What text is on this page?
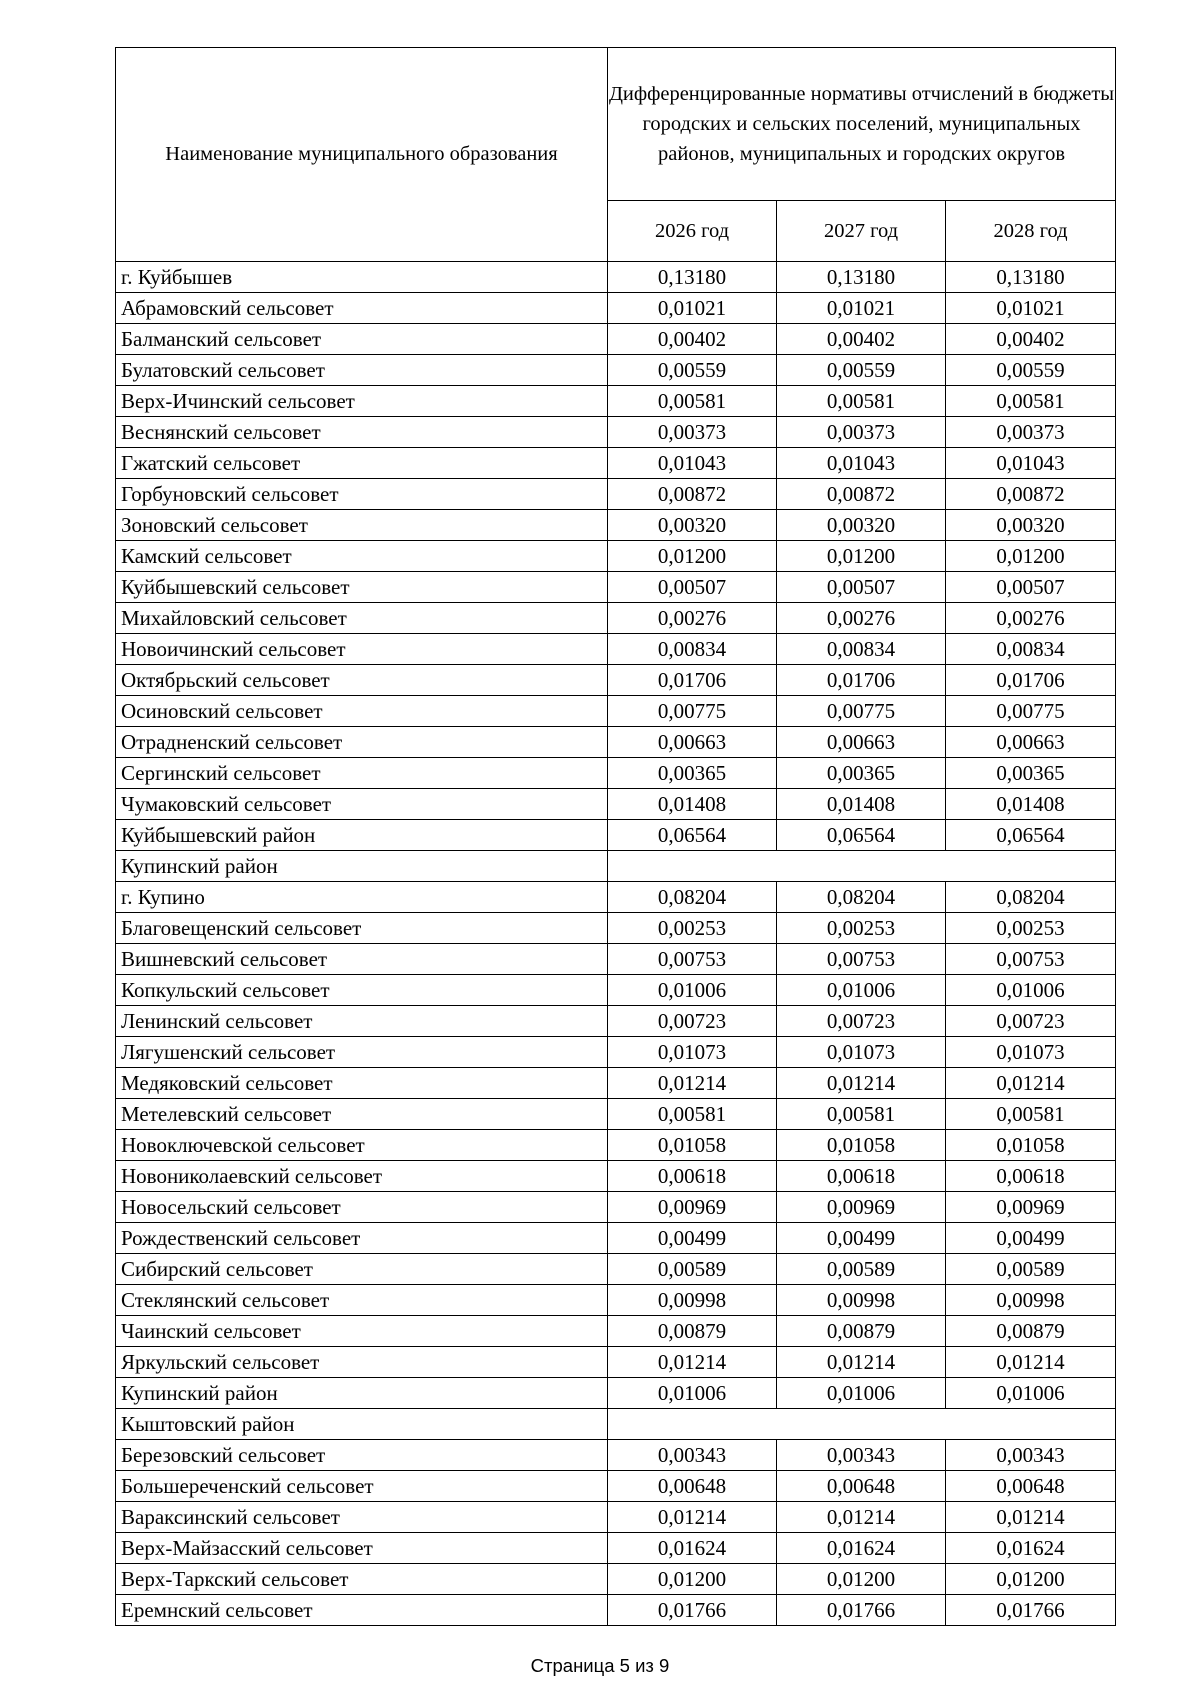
Наименование муниципального образования	Дифференцированные нормативы отчислений в бюджеты городских и сельских поселений, муниципальных районов, муниципальных и городских округов		
	2026 год	2027 год	2028 год
г. Куйбышев	0,13180	0,13180	0,13180
Абрамовский сельсовет	0,01021	0,01021	0,01021
Балманский сельсовет	0,00402	0,00402	0,00402
Булатовский сельсовет	0,00559	0,00559	0,00559
Верх-Ичинский сельсовет	0,00581	0,00581	0,00581
Веснянский сельсовет	0,00373	0,00373	0,00373
Гжатский сельсовет	0,01043	0,01043	0,01043
Горбуновский сельсовет	0,00872	0,00872	0,00872
Зоновский сельсовет	0,00320	0,00320	0,00320
Камский сельсовет	0,01200	0,01200	0,01200
Куйбышевский сельсовет	0,00507	0,00507	0,00507
Михайловский сельсовет	0,00276	0,00276	0,00276
Новоичинский сельсовет	0,00834	0,00834	0,00834
Октябрьский сельсовет	0,01706	0,01706	0,01706
Осиновский сельсовет	0,00775	0,00775	0,00775
Отрадненский сельсовет	0,00663	0,00663	0,00663
Сергинский сельсовет	0,00365	0,00365	0,00365
Чумаковский сельсовет	0,01408	0,01408	0,01408
Куйбышевский район	0,06564	0,06564	0,06564
Купинский район			
г. Купино	0,08204	0,08204	0,08204
Благовещенский сельсовет	0,00253	0,00253	0,00253
Вишневский сельсовет	0,00753	0,00753	0,00753
Копкульский сельсовет	0,01006	0,01006	0,01006
Ленинский сельсовет	0,00723	0,00723	0,00723
Лягушенский сельсовет	0,01073	0,01073	0,01073
Медяковский сельсовет	0,01214	0,01214	0,01214
Метелевский сельсовет	0,00581	0,00581	0,00581
Новоключевской сельсовет	0,01058	0,01058	0,01058
Новониколаевский сельсовет	0,00618	0,00618	0,00618
Новосельский сельсовет	0,00969	0,00969	0,00969
Рождественский сельсовет	0,00499	0,00499	0,00499
Сибирский сельсовет	0,00589	0,00589	0,00589
Стеклянский сельсовет	0,00998	0,00998	0,00998
Чаинский сельсовет	0,00879	0,00879	0,00879
Яркульский сельсовет	0,01214	0,01214	0,01214
Купинский район	0,01006	0,01006	0,01006
Кыштовский район			
Березовский сельсовет	0,00343	0,00343	0,00343
Большереченский сельсовет	0,00648	0,00648	0,00648
Вараксинский сельсовет	0,01214	0,01214	0,01214
Верх-Майзасский сельсовет	0,01624	0,01624	0,01624
Верх-Таркский сельсовет	0,01200	0,01200	0,01200
Еремнский сельсовет	0,01766	0,01766	0,01766
Страница 5 из 9
